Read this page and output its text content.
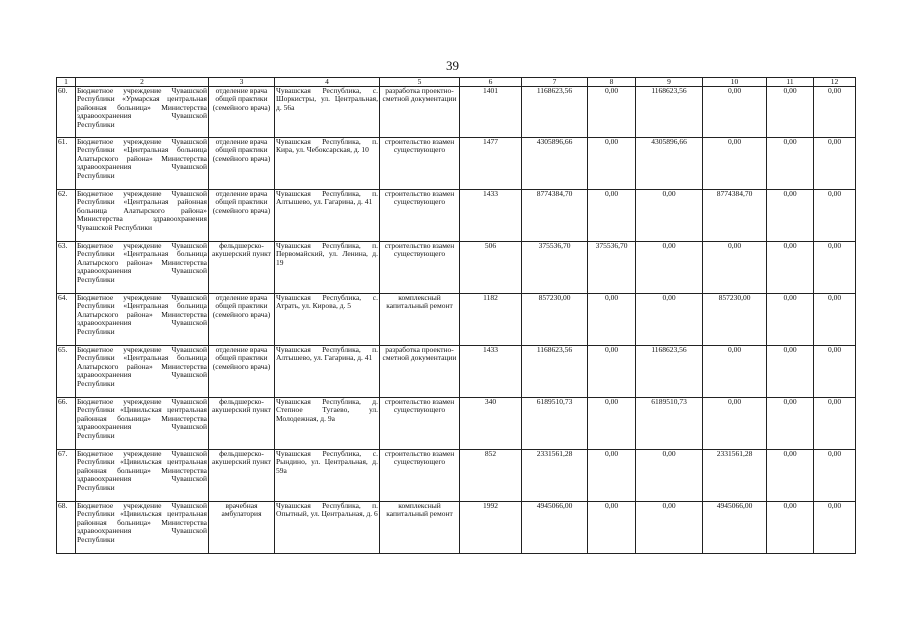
39
1	2	3	4	5	6	7	8	9	10	11	12
60.	Бюджетное учреждение Чувашской Республики «Урмарская центральная районная больница» Министерства здравоохранения Чувашской Республики	отделение врача общей практики (семейного врача)	Чувашская Республика, с. Шоркистры, ул. Центральная, д. 56а	разработка проектно-сметной документации	1401	1168623,56	0,00	1168623,56	0,00	0,00	0,00
61.	Бюджетное учреждение Чувашской Республики «Центральная больница Алатырского района» Министерства здравоохранения Чувашской Республики	отделение врача общей практики (семейного врача)	Чувашская Республика, п. Кира, ул. Чебоксарская, д. 10	строительство взамен существующего	1477	4305896,66	0,00	4305896,66	0,00	0,00	0,00
62.	Бюджетное учреждение Чувашской Республики «Центральная районная больница Алатырского района» Министерства здравоохранения Чувашской Республики	отделение врача общей практики (семейного врача)	Чувашская Республика, п. Алтышево, ул. Гагарина, д. 41	строительство взамен существующего	1433	8774384,70	0,00	0,00	8774384,70	0,00	0,00
63.	Бюджетное учреждение Чувашской Республики «Центральная больница Алатырского района» Министерства здравоохранения Чувашской Республики	фельдшерско-акушерский пункт	Чувашская Республика, п. Первомайский, ул. Ленина, д. 19	строительство взамен существующего	506	375536,70	375536,70	0,00	0,00	0,00	0,00
64.	Бюджетное учреждение Чувашской Республики «Центральная больница Алатырского района» Министерства здравоохранения Чувашской Республики	отделение врача общей практики (семейного врача)	Чувашская Республика, с. Атрать, ул. Кирова, д. 5	комплексный капитальный ремонт	1182	857230,00	0,00	0,00	857230,00	0,00	0,00
65.	Бюджетное учреждение Чувашской Республики «Центральная больница Алатырского района» Министерства здравоохранения Чувашской Республики	отделение врача общей практики (семейного врача)	Чувашская Республика, п. Алтышево, ул. Гагарина, д. 41	разработка проектно-сметной документации	1433	1168623,56	0,00	1168623,56	0,00	0,00	0,00
66.	Бюджетное учреждение Чувашской Республики «Цивильская центральная районная больница» Министерства здравоохранения Чувашской Республики	фельдшерско-акушерский пункт	Чувашская Республика, д. Степное Тугаево, ул. Молодежная, д. 9а	строительство взамен существующего	340	6189510,73	0,00	6189510,73	0,00	0,00	0,00
67.	Бюджетное учреждение Чувашской Республики «Цивильская центральная районная больница» Министерства здравоохранения Чувашской Республики	фельдшерско-акушерский пункт	Чувашская Республика, с. Рындино, ул. Центральная, д. 59а	строительство взамен существующего	852	2331561,28	0,00	0,00	2331561,28	0,00	0,00
68.	Бюджетное учреждение Чувашской Республики «Цивильская центральная районная больница» Министерства здравоохранения Чувашской Республики	врачебная амбулатория	Чувашская Республика, п. Опытный, ул. Центральная, д. 6	комплексный капитальный ремонт	1992	4945066,00	0,00	0,00	4945066,00	0,00	0,00
